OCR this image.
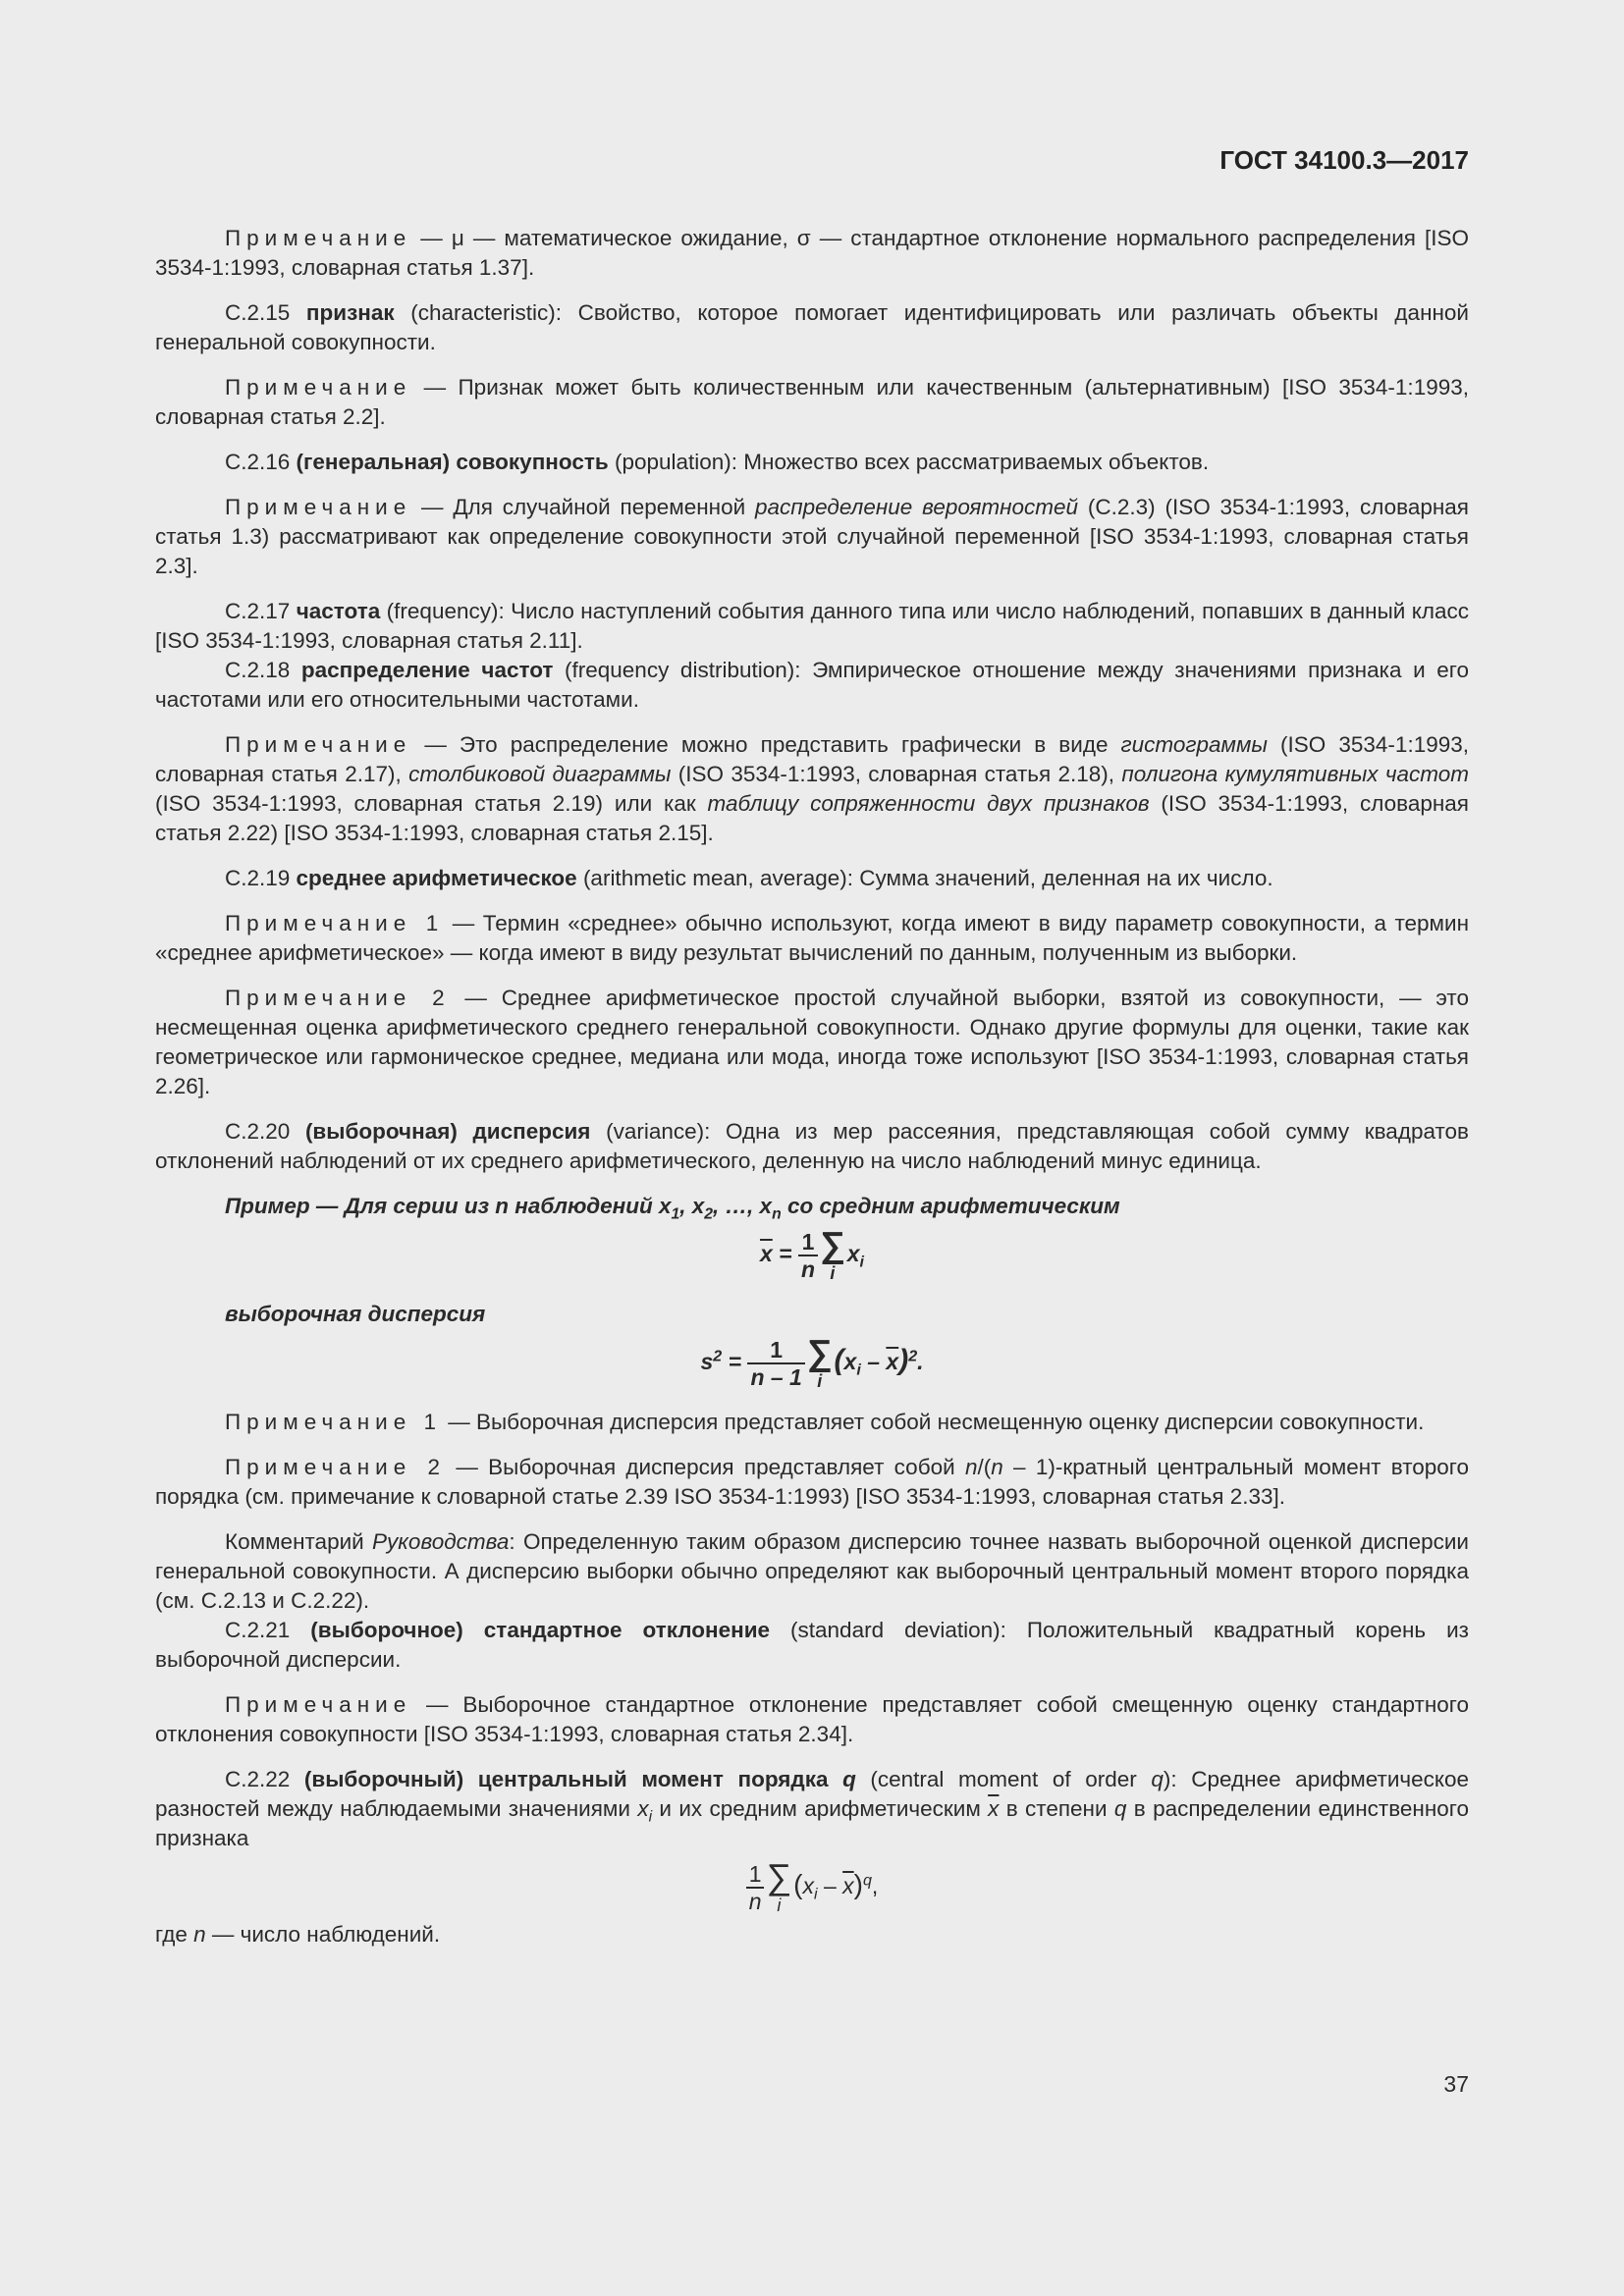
ГОСТ 34100.3—2017

Примечание — μ — математическое ожидание, σ — стандартное отклонение нормального распределения [ISO 3534-1:1993, словарная статья 1.37].

С.2.15 признак (characteristic): Свойство, которое помогает идентифицировать или различать объекты данной генеральной совокупности.

Примечание — Признак может быть количественным или качественным (альтернативным) [ISO 3534-1:1993, словарная статья 2.2].

С.2.16 (генеральная) совокупность (population): Множество всех рассматриваемых объектов.

Примечание — Для случайной переменной распределение вероятностей (С.2.3) (ISO 3534-1:1993, словарная статья 1.3) рассматривают как определение совокупности этой случайной переменной [ISO 3534-1:1993, словарная статья 2.3].

С.2.17 частота (frequency): Число наступлений события данного типа или число наблюдений, попавших в данный класс [ISO 3534-1:1993, словарная статья 2.11].

С.2.18 распределение частот (frequency distribution): Эмпирическое отношение между значениями признака и его частотами или его относительными частотами.

Примечание — Это распределение можно представить графически в виде гистограммы (ISO 3534-1:1993, словарная статья 2.17), столбиковой диаграммы (ISO 3534-1:1993, словарная статья 2.18), полигона кумулятивных частот (ISO 3534-1:1993, словарная статья 2.19) или как таблицу сопряженности двух признаков (ISO 3534-1:1993, словарная статья 2.22) [ISO 3534-1:1993, словарная статья 2.15].

С.2.19 среднее арифметическое (arithmetic mean, average): Сумма значений, деленная на их число.

Примечание 1 — Термин «среднее» обычно используют, когда имеют в виду параметр совокупности, а термин «среднее арифметическое» — когда имеют в виду результат вычислений по данным, полученным из выборки.

Примечание 2 — Среднее арифметическое простой случайной выборки, взятой из совокупности, — это несмещенная оценка арифметического среднего генеральной совокупности. Однако другие формулы для оценки, такие как геометрическое или гармоническое среднее, медиана или мода, иногда тоже используют [ISO 3534-1:1993, словарная статья 2.26].

С.2.20 (выборочная) дисперсия (variance): Одна из мер рассеяния, представляющая собой сумму квадратов отклонений наблюдений от их среднего арифметического, деленную на число наблюдений минус единица.

Пример — Для серии из n наблюдений $x_1$, $x_2$, …, $x_n$ со средним арифметическим

$\overline{x} = \frac{1}{n}$ ∑
i
$x_i$

выборочная дисперсия

$s^2 = \frac{1}{n - 1}$ ∑
i
$(x_i - \overline{x})^2$.

Примечание 1 — Выборочная дисперсия представляет собой несмещенную оценку дисперсии совокупности.

Примечание 2 — Выборочная дисперсия представляет собой n/(n – 1)-кратный центральный момент второго порядка (см. примечание к словарной статье 2.39 ISO 3534-1:1993) [ISO 3534-1:1993, словарная статья 2.33].

Комментарий Руководства: Определенную таким образом дисперсию точнее назвать выборочной оценкой дисперсии генеральной совокупности. А дисперсию выборки обычно определяют как выборочный центральный момент второго порядка (см. С.2.13 и С.2.22).

С.2.21 (выборочное) стандартное отклонение (standard deviation): Положительный квадратный корень из выборочной дисперсии.

Примечание — Выборочное стандартное отклонение представляет собой смещенную оценку стандартного отклонения совокупности [ISO 3534-1:1993, словарная статья 2.34].

С.2.22 (выборочный) центральный момент порядка q (central moment of order q): Среднее арифметическое разностей между наблюдаемыми значениями $x_i$ и их средним арифметическим $\overline{x}$ в степени q в распределении единственного признака

$\frac{1}{n}$ ∑
i
$(x_i - \overline{x})^q$,

где n — число наблюдений.

37
